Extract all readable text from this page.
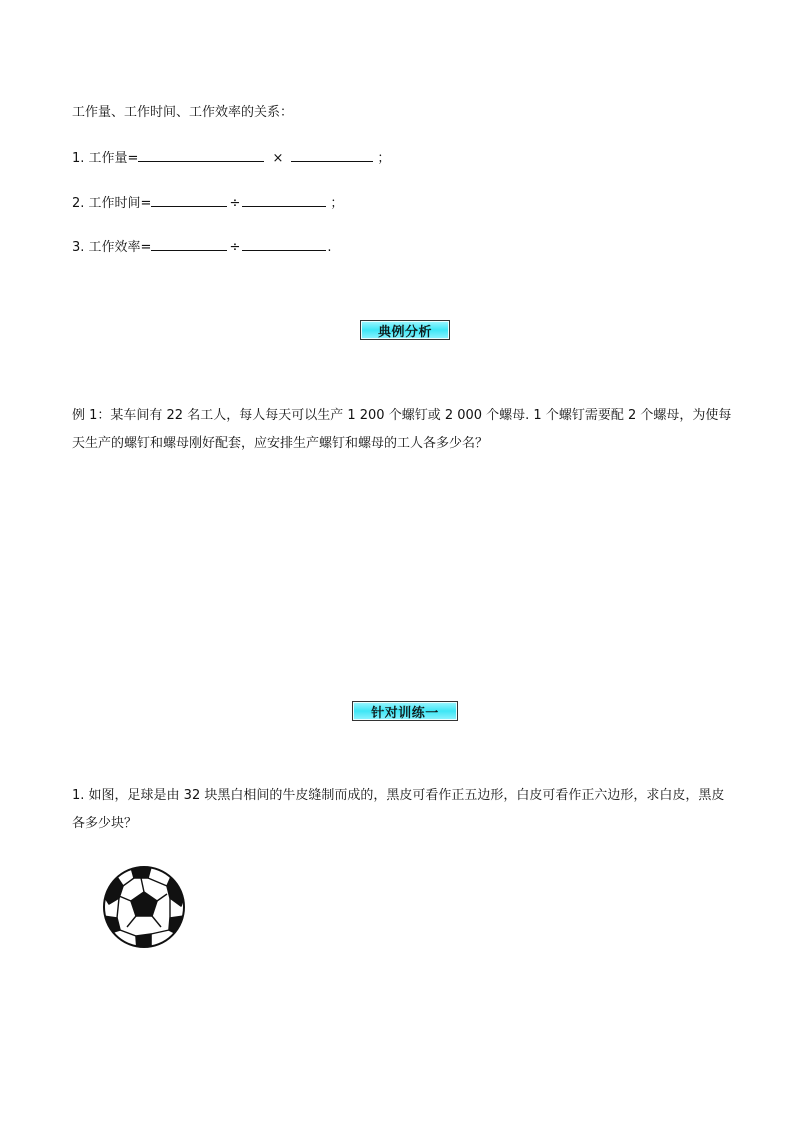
工作量、工作时间、工作效率的关系：
1. 工作量=	×	；
2. 工作时间=	÷	；
3. 工作效率=	÷	.
典例分析
例 1：某车间有 22 名工人，每人每天可以生产 1 200 个螺钉或 2 000 个螺母. 1 个螺钉需要配 2 个螺母，为使每天生产的螺钉和螺母刚好配套，应安排生产螺钉和螺母的工人各多少名？
针对训练一
1. 如图，足球是由 32 块黑白相间的牛皮缝制而成的，黑皮可看作正五边形，白皮可看作正六边形，求白皮，黑皮各多少块？
